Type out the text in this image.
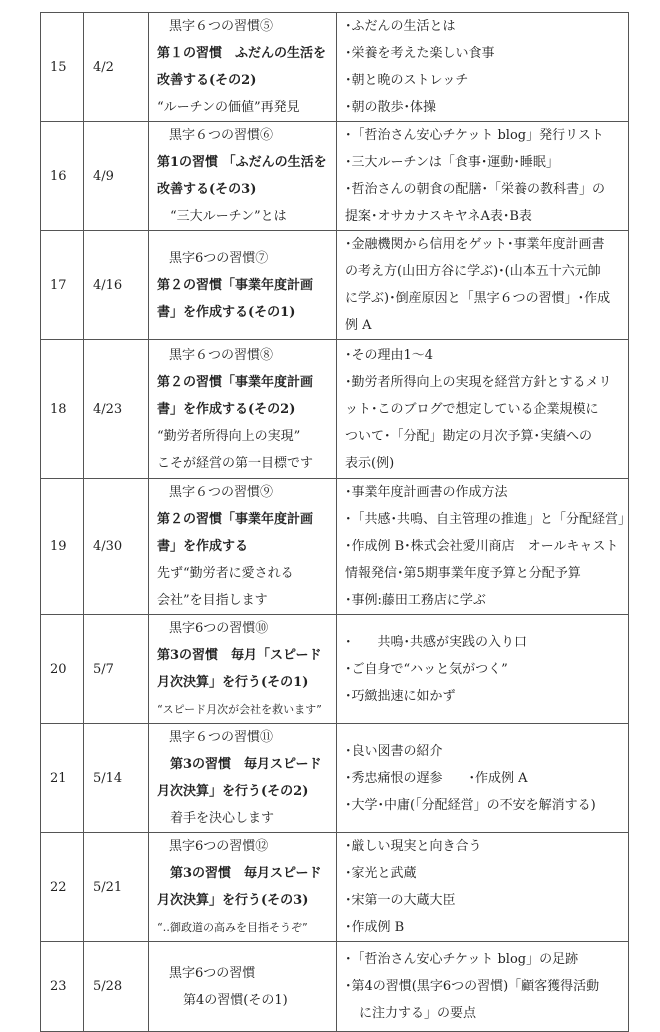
15	4/2	黒字６つの習慣⑤
第１の習慣　ふだんの生活を
改善する(その2)
“ルーチンの価値”再発見	･ふだんの生活とは
･栄養を考えた楽しい食事
･朝と晩のストレッチ
･朝の散歩･体操

16	4/9	黒字６つの習慣⑥
第1の習慣 「ふだんの生活を
改善する(その3)
　“三大ルーチン”とは	･「哲治さん安心チケット blog」発行リスト
･三大ルーチンは「食事･運動･睡眠」
･哲治さんの朝食の配膳･「栄養の教科書」の
提案･オサカナスキヤネA表･B表

17	4/16	黒字6つの習慣⑦
第２の習慣「事業年度計画
書」を作成する(その1)	･金融機関から信用をゲット･事業年度計画書
の考え方(山田方谷に学ぶ)･(山本五十六元帥
に学ぶ)･倒産原因と「黒字６つの習慣」･作成
例 A

18	4/23	黒字６つの習慣⑧
第２の習慣「事業年度計画
書」を作成する(その2)
“勤労者所得向上の実現”
こそが経営の第一目標です	･その理由1～4
･勤労者所得向上の実現を経営方針とするメリ
ット･このブログで想定している企業規模に
ついて･「分配」勘定の月次予算･実績への
表示(例)

19	4/30	黒字６つの習慣⑨
第２の習慣「事業年度計画
書」を作成する
先ず“勤労者に愛される
会社”を目指します	･事業年度計画書の作成方法
･「共感･共鳴、自主管理の推進」と「分配経営」
･作成例 B･株式会社愛川商店　オールキャスト
情報発信･第5期事業年度予算と分配予算
･事例:藤田工務店に学ぶ

20	5/7	黒字6つの習慣⑩
第3の習慣　毎月「スピード
月次決算」を行う(その1)
“スピード月次が会社を救います”	･　　共鳴･共感が実践の入り口
･ご自身で“ハッと気がつく”
･巧緻拙速に如かず

21	5/14	黒字６つの習慣⑪
　第3の習慣　毎月スピード
月次決算」を行う(その2)
　着手を決心します	･良い図書の紹介
･秀忠痛恨の遅参　　･作成例 A
･大学･中庸(「分配経営」の不安を解消する)

22	5/21	黒字6つの習慣⑫
　第3の習慣　毎月スピード
月次決算」を行う(その3)
“‥御政道の高みを目指そうぞ”	･厳しい現実と向き合う
･家光と武蔵
･宋第一の大蔵大臣
･作成例 B

23	5/28	黒字6つの習慣
　　第4の習慣(その1)	･「哲治さん安心チケット blog」の足跡
･第4の習慣(黒字6つの習慣)「顧客獲得活動
に注力する」の要点
